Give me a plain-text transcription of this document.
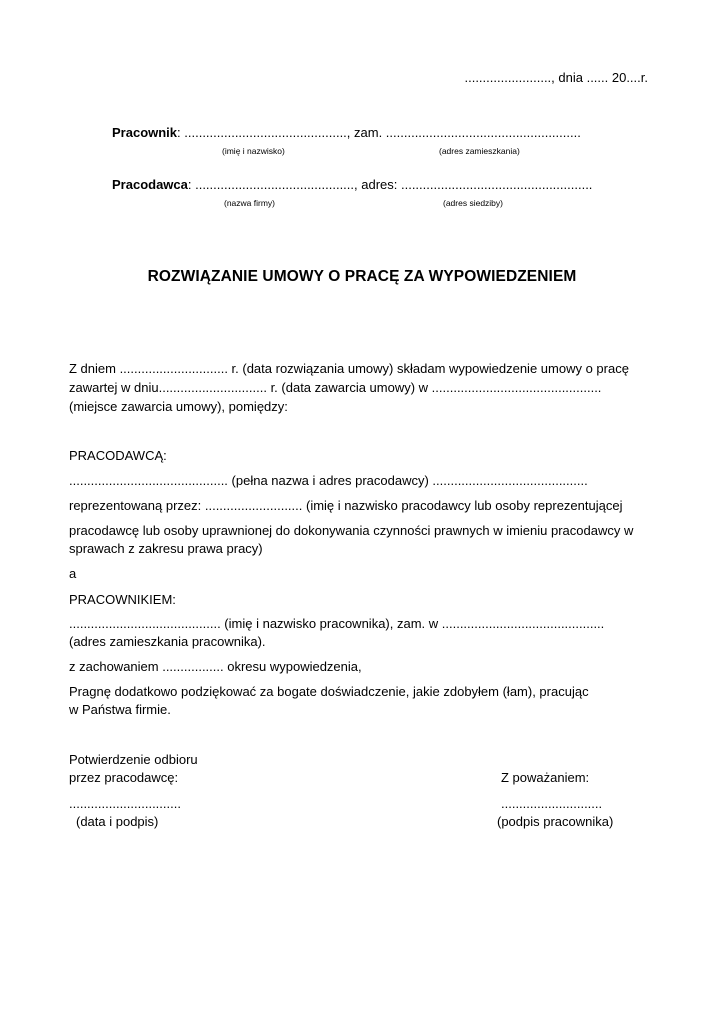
........................, dnia ...... 20....r.
Pracownik: ............................................., zam. ......................................................
(imię i nazwisko)	(adres zamieszkania)
Pracodawca: ............................................, adres: .....................................................
(nazwa firmy)	(adres siedziby)
ROZWIĄZANIE UMOWY O PRACĘ ZA WYPOWIEDZENIEM
Z dniem .............................. r. (data rozwiązania umowy) składam wypowiedzenie umowy o pracę
zawartej w dniu.............................. r. (data zawarcia umowy) w ...............................................
(miejsce zawarcia umowy), pomiędzy:
PRACODAWCĄ:
............................................ (pełna nazwa i adres pracodawcy) ...........................................
reprezentowaną przez: ........................... (imię i nazwisko pracodawcy lub osoby reprezentującej
pracodawcę lub osoby uprawnionej do dokonywania czynności prawnych w imieniu pracodawcy w
sprawach z zakresu prawa pracy)
a
PRACOWNIKIEM:
.......................................... (imię i nazwisko pracownika), zam. w .............................................
(adres zamieszkania pracownika).
z zachowaniem ................. okresu wypowiedzenia,
Pragnę dodatkowo podziękować za bogate doświadczenie, jakie zdobyłem (łam), pracując
w Państwa firmie.
Potwierdzenie odbioru
przez pracodawcę:
...............................
(data i podpis)
Z poważaniem:
............................
(podpis pracownika)
